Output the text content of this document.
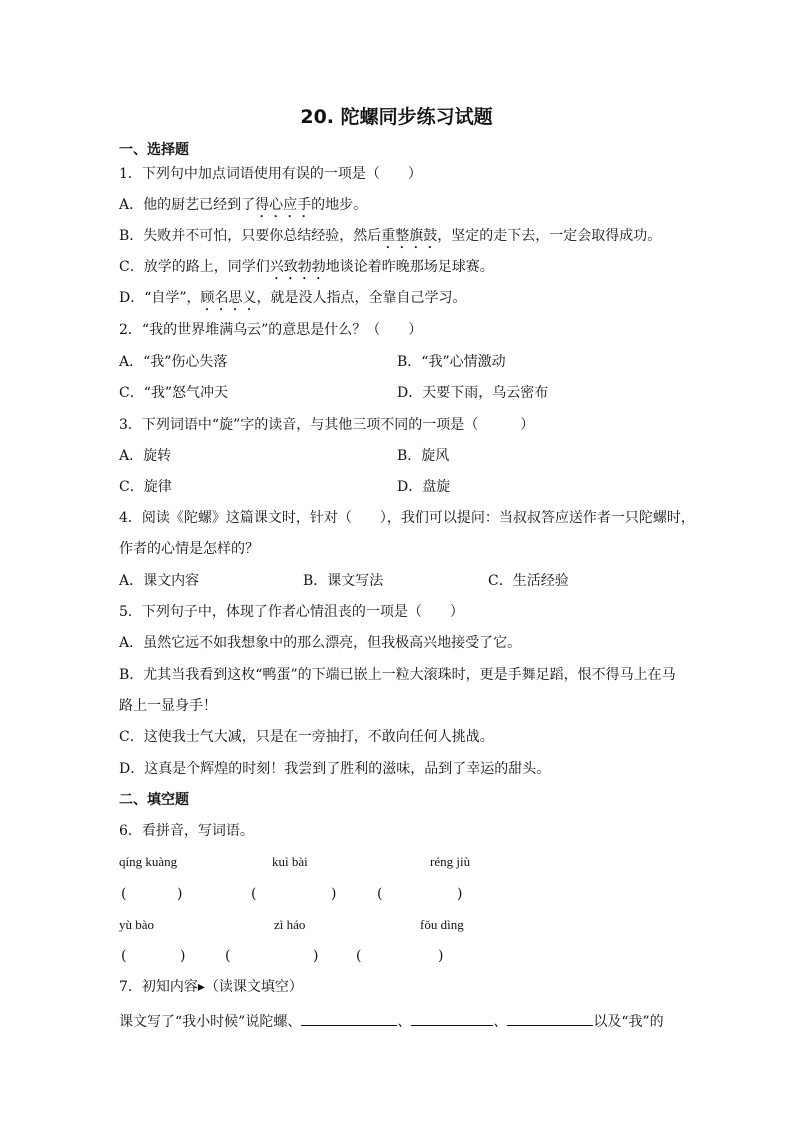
20. 陀螺同步练习试题
一、选择题
1．下列句中加点词语使用有误的一项是（　　）
A．他的厨艺已经到了得心应手的地步。
B．失败并不可怕，只要你总结经验，然后重整旗鼓，坚定的走下去，一定会取得成功。
C．放学的路上，同学们兴致勃勃地谈论着昨晚那场足球赛。
D．“自学”，顾名思义，就是没人指点，全靠自己学习。
2．“我的世界堆满乌云”的意思是什么？（　　）
A．“我”伤心失落	B．“我”心情激动
C．“我”怒气冲天	D．天要下雨，乌云密布
3．下列词语中“旋”字的读音，与其他三项不同的一项是（　　　）
A．旋转	B．旋风
C．旋律	D．盘旋
4．阅读《陀螺》这篇课文时，针对（　　），我们可以提问：当叔叔答应送作者一只陀螺时，
作者的心情是怎样的？
A．课文内容	B．课文写法	C．生活经验
5．下列句子中，体现了作者心情沮丧的一项是（　　）
A．虽然它远不如我想象中的那么漂亮，但我极高兴地接受了它。
B．尤其当我看到这枚“鸭蛋”的下端已嵌上一粒大滚珠时，更是手舞足蹈，恨不得马上在马
路上一显身手！
C．这使我士气大减，只是在一旁抽打，不敢向任何人挑战。
D．这真是个辉煌的时刻！我尝到了胜利的滋味，品到了幸运的甜头。
二、填空题
6．看拼音，写词语。
qíng kuàng	kuì bài	réng jiù
(	)	(	)	(	)
yù bào	zì háo	fǒu dìng
(	)	(	)	(	)
7．初知内容▸（读课文填空）
课文写了“我小时候”说陀螺、	、	、	以及“我”的
